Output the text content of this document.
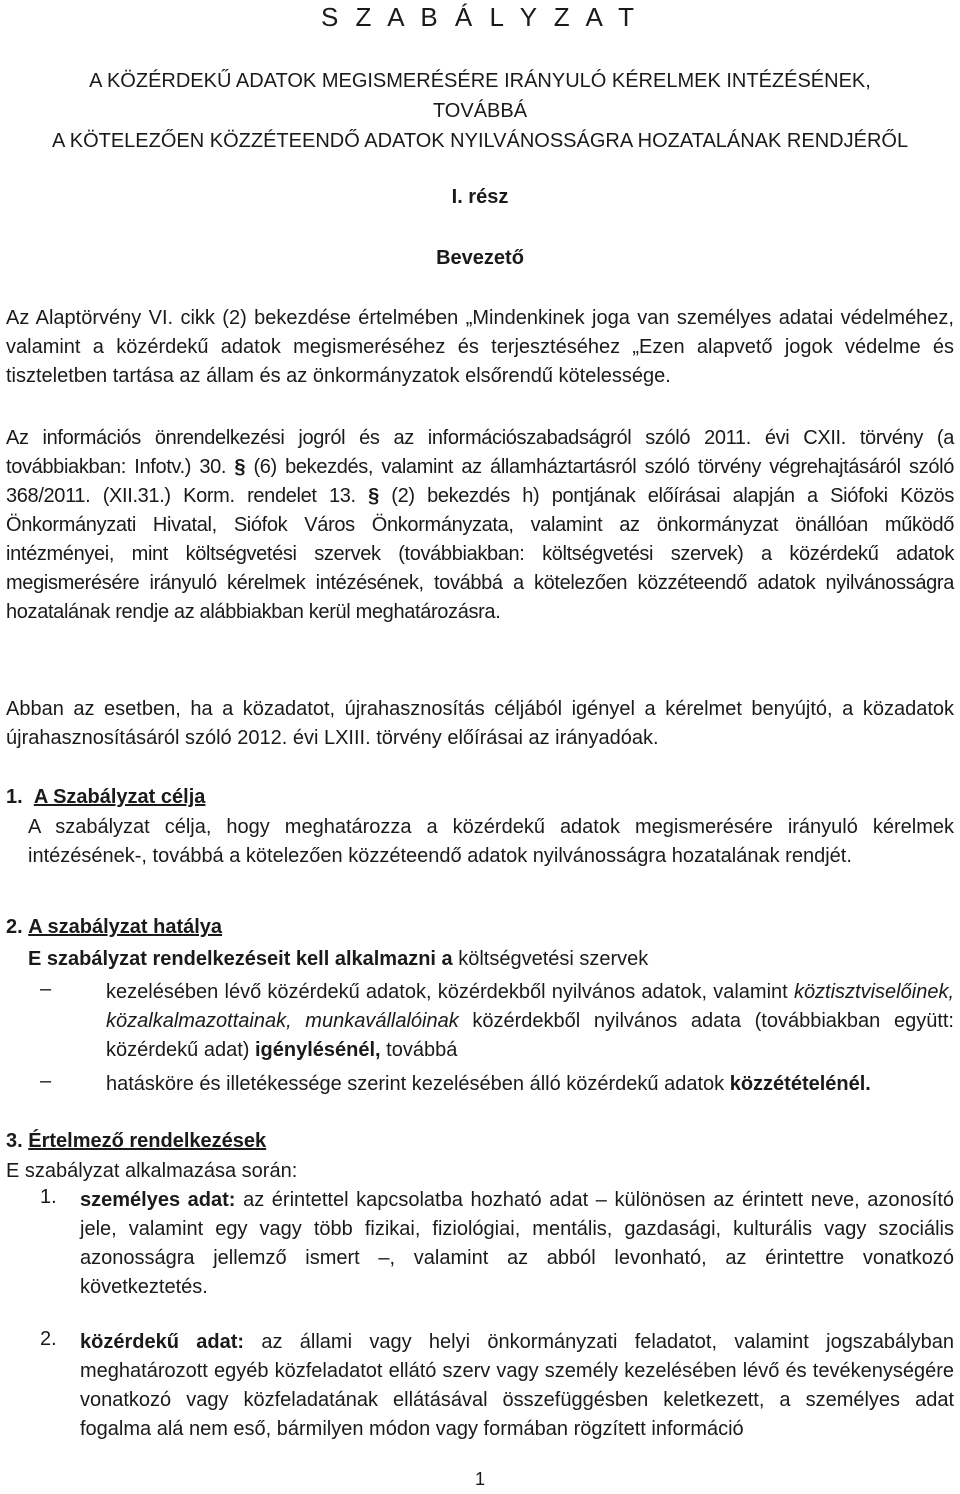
S Z A B Á L Y Z A T
A KÖZÉRDEKŰ ADATOK MEGISMERÉSÉRE IRÁNYULÓ KÉRELMEK INTÉZÉSÉNEK,
TOVÁBBÁ
A KÖTELEZŐEN KÖZZÉTEENDŐ ADATOK NYILVÁNOSSÁGRA HOZATALÁNAK RENDJÉRŐL
I. rész
Bevezető
Az Alaptörvény VI. cikk (2) bekezdése értelmében „Mindenkinek joga van személyes adatai védelméhez, valamint a közérdekű adatok megismeréséhez és terjesztéséhez „Ezen alapvető jogok védelme és tiszteletben tartása az állam és az önkormányzatok elsőrendű kötelessége.
Az információs önrendelkezési jogról és az információszabadságról szóló 2011. évi CXII. törvény (a továbbiakban: Infotv.) 30. § (6) bekezdés, valamint az államháztartásról szóló törvény végrehajtásáról szóló 368/2011. (XII.31.) Korm. rendelet 13. § (2) bekezdés h) pontjának előírásai alapján a Siófoki Közös Önkormányzati Hivatal, Siófok Város Önkormányzata, valamint az önkormányzat önállóan működő intézményei, mint költségvetési szervek (továbbiakban: költségvetési szervek) a közérdekű adatok megismerésére irányuló kérelmek intézésének, továbbá a kötelezően közzéteendő adatok nyilvánosságra hozatalának rendje az alábbiakban kerül meghatározásra.
Abban az esetben, ha a közadatot, újrahasznosítás céljából igényel a kérelmet benyújtó, a közadatok újrahasznosításáról szóló 2012. évi LXIII. törvény előírásai az irányadóak.
1. A Szabályzat célja
A szabályzat célja, hogy meghatározza a közérdekű adatok megismerésére irányuló kérelmek intézésének-, továbbá a kötelezően közzéteendő adatok nyilvánosságra hozatalának rendjét.
2. A szabályzat hatálya
E szabályzat rendelkezéseit kell alkalmazni a költségvetési szervek
–	kezelésében lévő közérdekű adatok, közérdekből nyilvános adatok, valamint köztisztviselőinek, közalkalmazottainak, munkavállalóinak közérdekből nyilvános adata (továbbiakban együtt: közérdekű adat) igénylésénél, továbbá
–	hatásköre és illetékessége szerint kezelésében álló közérdekű adatok közzétételénél.
3. Értelmező rendelkezések
E szabályzat alkalmazása során:
1. személyes adat: az érintettel kapcsolatba hozható adat – különösen az érintett neve, azonosító jele, valamint egy vagy több fizikai, fiziológiai, mentális, gazdasági, kulturális vagy szociális azonosságra jellemző ismert –, valamint az abból levonható, az érintettre vonatkozó következtetés.
2. közérdekű adat: az állami vagy helyi önkormányzati feladatot, valamint jogszabályban meghatározott egyéb közfeladatot ellátó szerv vagy személy kezelésében lévő és tevékenységére vonatkozó vagy közfeladatának ellátásával összefüggésben keletkezett, a személyes adat fogalma alá nem eső, bármilyen módon vagy formában rögzített információ
1
